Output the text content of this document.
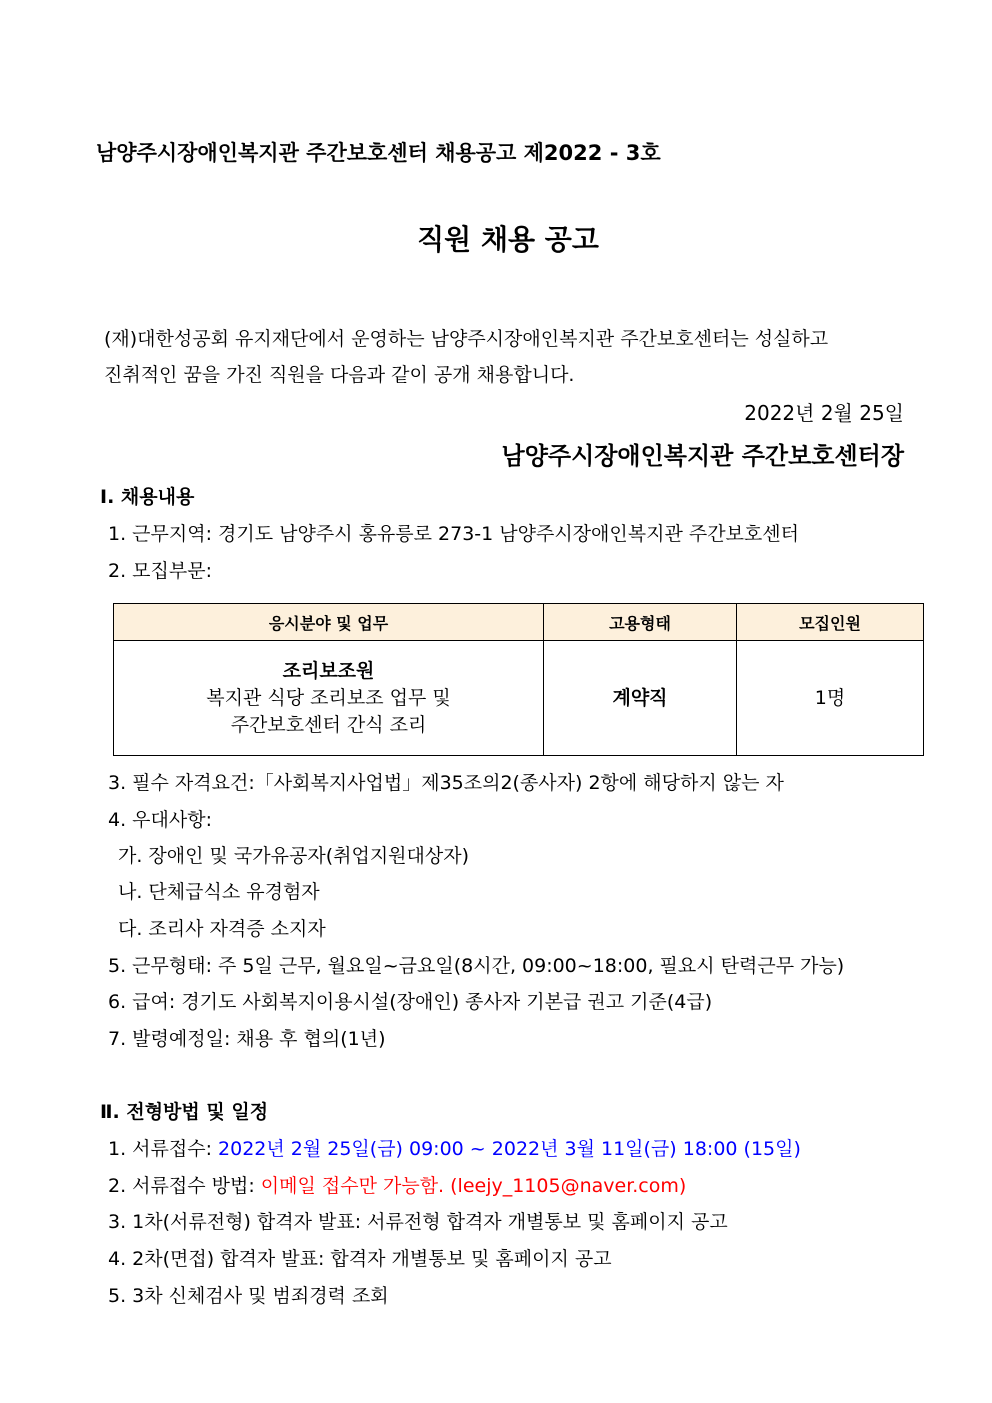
남양주시장애인복지관 주간보호센터 채용공고 제2022 - 3호
직원 채용 공고
(재)대한성공회 유지재단에서 운영하는 남양주시장애인복지관 주간보호센터는 성실하고
진취적인 꿈을 가진 직원을 다음과 같이 공개 채용합니다.
2022년 2월 25일
남양주시장애인복지관 주간보호센터장
Ⅰ. 채용내용
1. 근무지역: 경기도 남양주시 홍유릉로 273-1 남양주시장애인복지관 주간보호센터
2. 모집부문:
응시분야 및 업무	고용형태	모집인원

조리보조원
복지관 식당 조리보조 업무 및
주간보호센터 간식 조리	계약직	1명
3. 필수 자격요건:「사회복지사업법」제35조의2(종사자) 2항에 해당하지 않는 자
4. 우대사항:
가. 장애인 및 국가유공자(취업지원대상자)
나. 단체급식소 유경험자
다. 조리사 자격증 소지자
5. 근무형태: 주 5일 근무, 월요일~금요일(8시간, 09:00~18:00, 필요시 탄력근무 가능)
6. 급여: 경기도 사회복지이용시설(장애인) 종사자 기본급 권고 기준(4급)
7. 발령예정일: 채용 후 협의(1년)
Ⅱ. 전형방법 및 일정
1. 서류접수: 2022년 2월 25일(금) 09:00 ~ 2022년 3월 11일(금) 18:00 (15일)
2. 서류접수 방법: 이메일 접수만 가능함. (leejy_1105@naver.com)
3. 1차(서류전형) 합격자 발표: 서류전형 합격자 개별통보 및 홈페이지 공고
4. 2차(면접) 합격자 발표: 합격자 개별통보 및 홈페이지 공고
5. 3차 신체검사 및 범죄경력 조회
